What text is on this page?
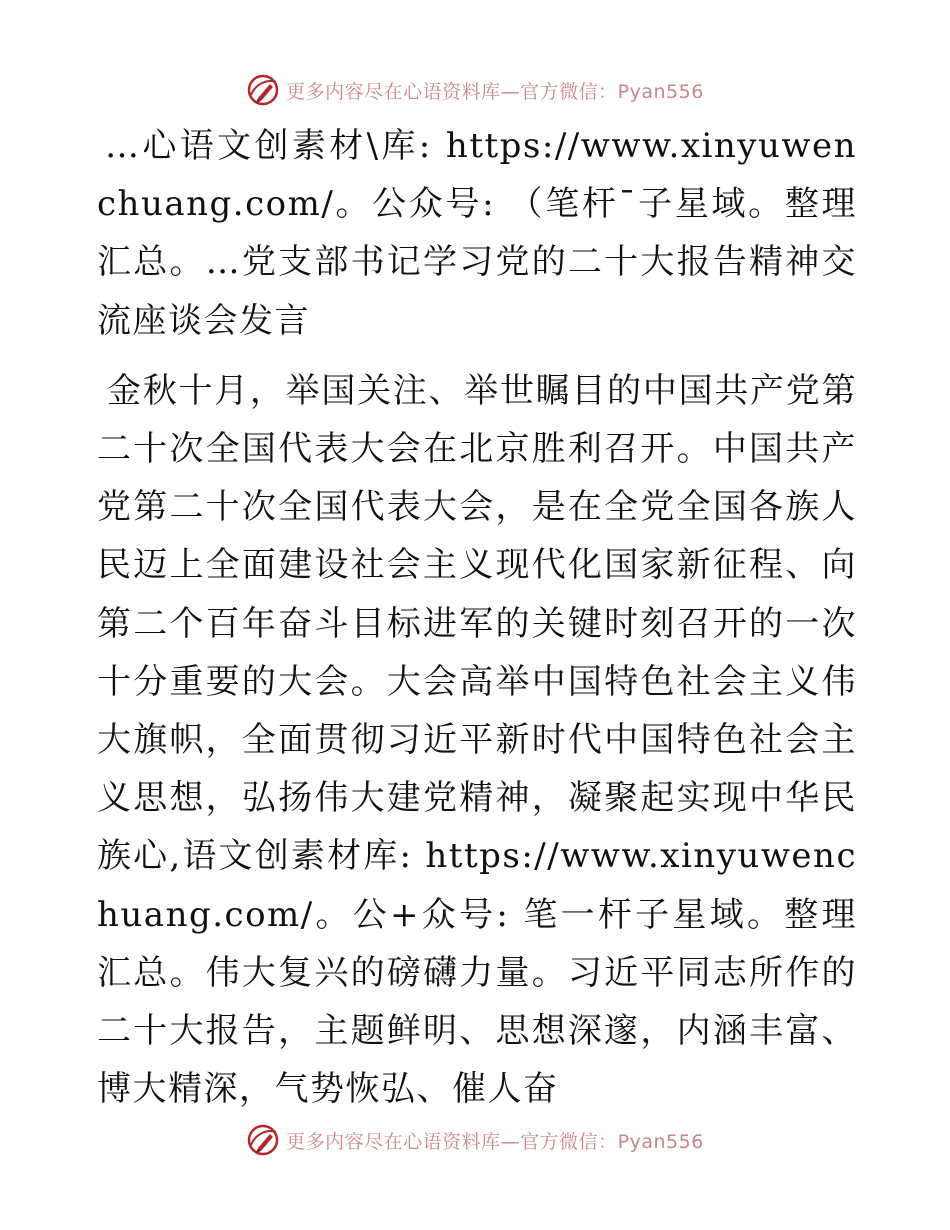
更多内容尽在心语资料库—官方微信：Pyan556

…心语文创素材\库: https://www.xinyuwenchuang.com/。公众号: （笔杆¯子星域。整理汇总。…党支部书记学习党的二十大报告精神交流座谈会发言

金秋十月，举国关注、举世瞩目的中国共产党第二十次全国代表大会在北京胜利召开。中国共产党第二十次全国代表大会，是在全党全国各族人民迈上全面建设社会主义现代化国家新征程、向第二个百年奋斗目标进军的关键时刻召开的一次十分重要的大会。大会高举中国特色社会主义伟大旗帜，全面贯彻习近平新时代中国特色社会主义思想，弘扬伟大建党精神，凝聚起实现中华民族心,语文创素材库: https://www.xinyuwenchuang.com/。公+众号: 笔一杆子星域。整理汇总。伟大复兴的磅礴力量。习近平同志所作的二十大报告，主题鲜明、思想深邃，内涵丰富、博大精深，气势恢弘、催人奋

更多内容尽在心语资料库—官方微信：Pyan556
